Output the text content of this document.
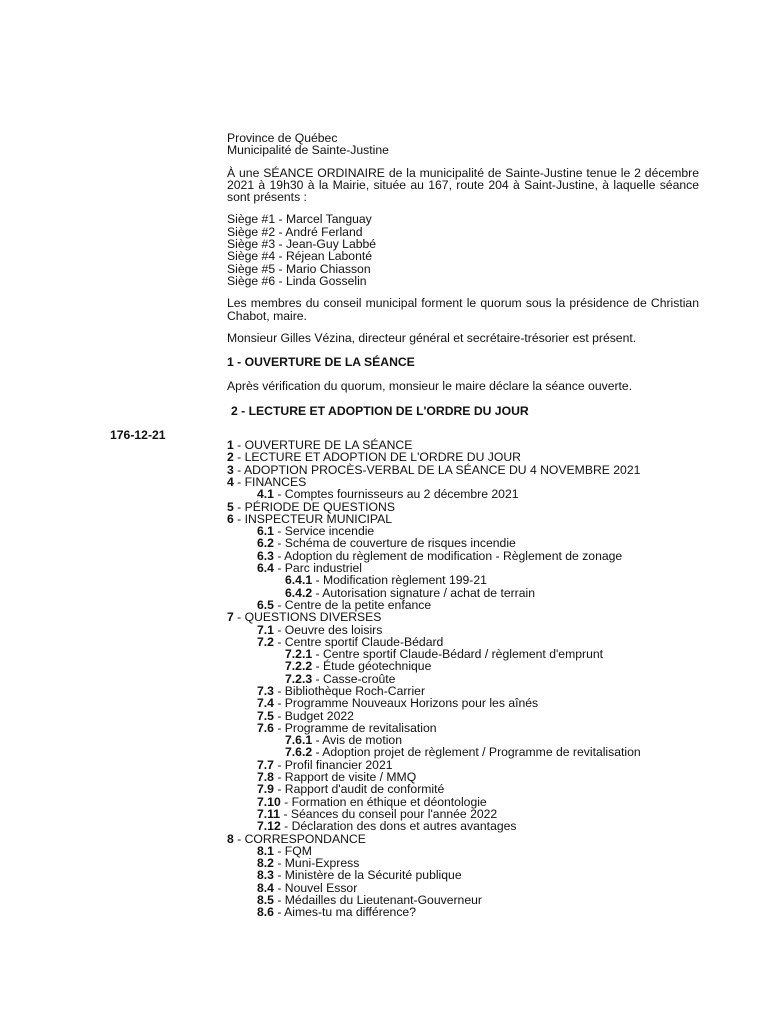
176-12-21
Province de Québec
Municipalité de Sainte-Justine
À une SÉANCE ORDINAIRE de la municipalité de Sainte-Justine tenue le 2 décembre 2021 à 19h30 à la Mairie, située au 167, route 204 à Saint-Justine, à laquelle séance sont présents :
Siège #1 - Marcel Tanguay
Siège #2 - André Ferland
Siège #3 - Jean-Guy Labbé
Siège #4 - Réjean Labonté
Siège #5 - Mario Chiasson
Siège #6 - Linda Gosselin
Les membres du conseil municipal forment le quorum sous la présidence de Christian Chabot, maire.
Monsieur Gilles Vézina, directeur général et secrétaire-trésorier est présent.
1 - OUVERTURE DE LA SÉANCE
Après vérification du quorum, monsieur le maire déclare la séance ouverte.
2 - LECTURE ET ADOPTION DE L'ORDRE DU JOUR
1 - OUVERTURE DE LA SÉANCE
2 - LECTURE ET ADOPTION DE L'ORDRE DU JOUR
3 - ADOPTION PROCÈS-VERBAL DE LA SÉANCE DU 4 NOVEMBRE 2021
4 - FINANCES
4.1 - Comptes fournisseurs au 2 décembre 2021
5 - PÉRIODE DE QUESTIONS
6 - INSPECTEUR MUNICIPAL
6.1 - Service incendie
6.2 - Schéma de couverture de risques incendie
6.3 - Adoption du règlement de modification - Règlement de zonage
6.4 - Parc industriel
6.4.1 - Modification règlement 199-21
6.4.2 - Autorisation signature / achat de terrain
6.5 - Centre de la petite enfance
7 - QUESTIONS DIVERSES
7.1 - Oeuvre des loisirs
7.2 - Centre sportif Claude-Bédard
7.2.1 - Centre sportif Claude-Bédard / règlement d'emprunt
7.2.2 - Étude géotechnique
7.2.3 - Casse-croûte
7.3 - Bibliothèque Roch-Carrier
7.4 - Programme Nouveaux Horizons pour les aînés
7.5 - Budget 2022
7.6 - Programme de revitalisation
7.6.1 - Avis de motion
7.6.2 - Adoption projet de règlement / Programme de revitalisation
7.7 - Profil financier 2021
7.8 - Rapport de visite / MMQ
7.9 - Rapport d'audit de conformité
7.10 - Formation en éthique et déontologie
7.11 - Séances du conseil pour l'année 2022
7.12 - Déclaration des dons et autres avantages
8 - CORRESPONDANCE
8.1 - FQM
8.2 - Muni-Express
8.3 - Ministère de la Sécurité publique
8.4 - Nouvel Essor
8.5 - Médailles du Lieutenant-Gouverneur
8.6 - Aimes-tu ma différence?
